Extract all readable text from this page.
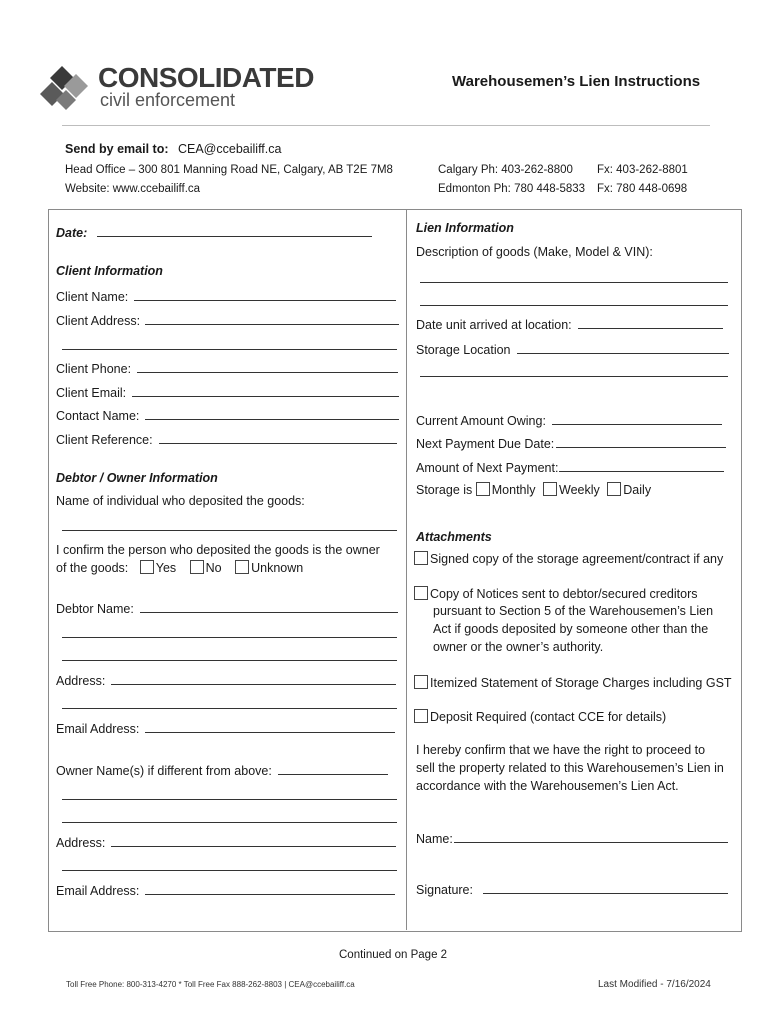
CONSOLIDATED
civil enforcement
Warehousemen’s Lien Instructions
Send by email to: CEA@ccebailiff.ca
Head Office – 300 801 Manning Road NE, Calgary, AB T2E 7M8
Website: www.ccebailiff.ca
Calgary Ph: 403-262-8800 Fx: 403-262-8801
Edmonton Ph: 780 448-5833 Fx: 780 448-0698
Date:
Client Information
Client Name:
Client Address:
Client Phone:
Client Email:
Contact Name:
Client Reference:
Debtor / Owner Information
Name of individual who deposited the goods:
I confirm the person who deposited the goods is the owner
of the goods: Yes No Unknown
Debtor Name:
Address:
Email Address:
Owner Name(s) if different from above:
Address:
Email Address:
Lien Information
Description of goods (Make, Model & VIN):
Date unit arrived at location:
Storage Location
Current Amount Owing:
Next Payment Due Date:
Amount of Next Payment:
Storage is Monthly Weekly Daily
Attachments
Signed copy of the storage agreement/contract if any
Copy of Notices sent to debtor/secured creditors
pursuant to Section 5 of the Warehousemen’s Lien
Act if goods deposited by someone other than the
owner or the owner’s authority.
Itemized Statement of Storage Charges including GST
Deposit Required (contact CCE for details)
I hereby confirm that we have the right to proceed to
sell the property related to this Warehousemen’s Lien in
accordance with the Warehousemen’s Lien Act.
Name:
Signature:
Continued on Page 2
Toll Free Phone: 800-313-4270 * Toll Free Fax 888-262-8803 | CEA@ccebailiff.ca	Last Modified - 7/16/2024
